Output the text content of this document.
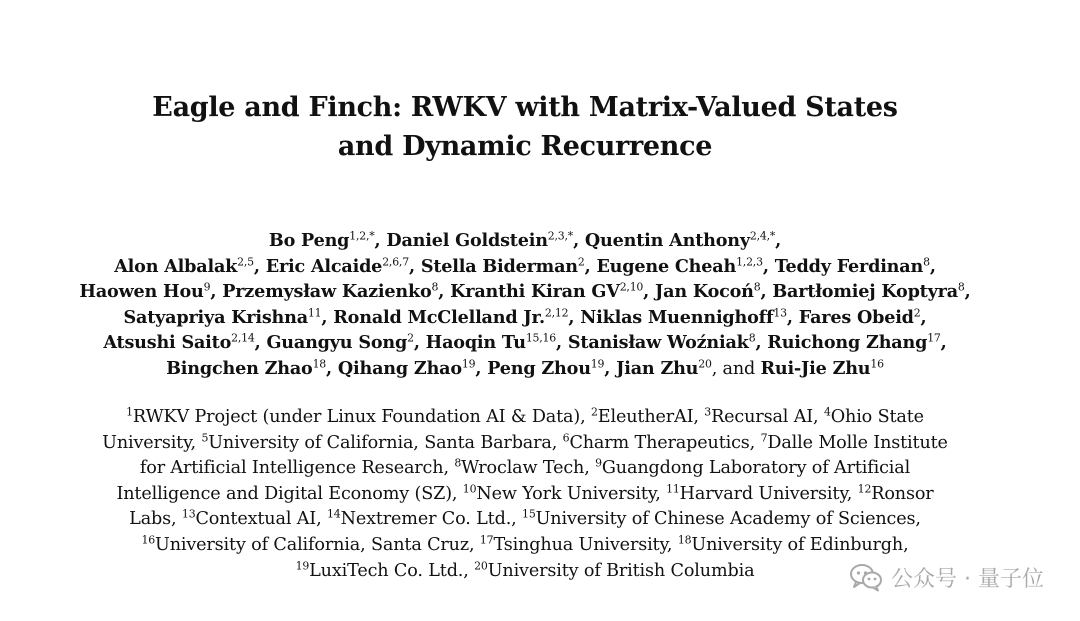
Eagle and Finch: RWKV with Matrix-Valued States
and Dynamic Recurrence
Bo Peng$^{1,2,*}$, Daniel Goldstein$^{2,3,*}$, Quentin Anthony$^{2,4,*}$,
Alon Albalak$^{2,5}$, Eric Alcaide$^{2,6,7}$, Stella Biderman$^2$, Eugene Cheah$^{1,2,3}$, Teddy Ferdinan$^8$,
Haowen Hou$^9$, Przemysław Kazienko$^8$, Kranthi Kiran GV$^{2,10}$, Jan Kocoń$^8$, Bartłomiej Koptyra$^8$,
Satyapriya Krishna$^{11}$, Ronald McClelland Jr.$^{2,12}$, Niklas Muennighoff$^{13}$, Fares Obeid$^2$,
Atsushi Saito$^{2,14}$, Guangyu Song$^2$, Haoqin Tu$^{15,16}$, Stanisław Woźniak$^8$, Ruichong Zhang$^{17}$,
Bingchen Zhao$^{18}$, Qihang Zhao$^{19}$, Peng Zhou$^{19}$, Jian Zhu$^{20}$, and Rui-Jie Zhu$^{16}$
$^1$RWKV Project (under Linux Foundation AI & Data), $^2$EleutherAI, $^3$Recursal AI, $^4$Ohio State
University, $^5$University of California, Santa Barbara, $^6$Charm Therapeutics, $^7$Dalle Molle Institute
for Artificial Intelligence Research, $^8$Wroclaw Tech, $^9$Guangdong Laboratory of Artificial
Intelligence and Digital Economy (SZ), $^{10}$New York University, $^{11}$Harvard University, $^{12}$Ronsor
Labs, $^{13}$Contextual AI, $^{14}$Nextremer Co. Ltd., $^{15}$University of Chinese Academy of Sciences,
$^{16}$University of California, Santa Cruz, $^{17}$Tsinghua University, $^{18}$University of Edinburgh,
$^{19}$LuxiTech Co. Ltd., $^{20}$University of British Columbia	公众号 · 量子位
